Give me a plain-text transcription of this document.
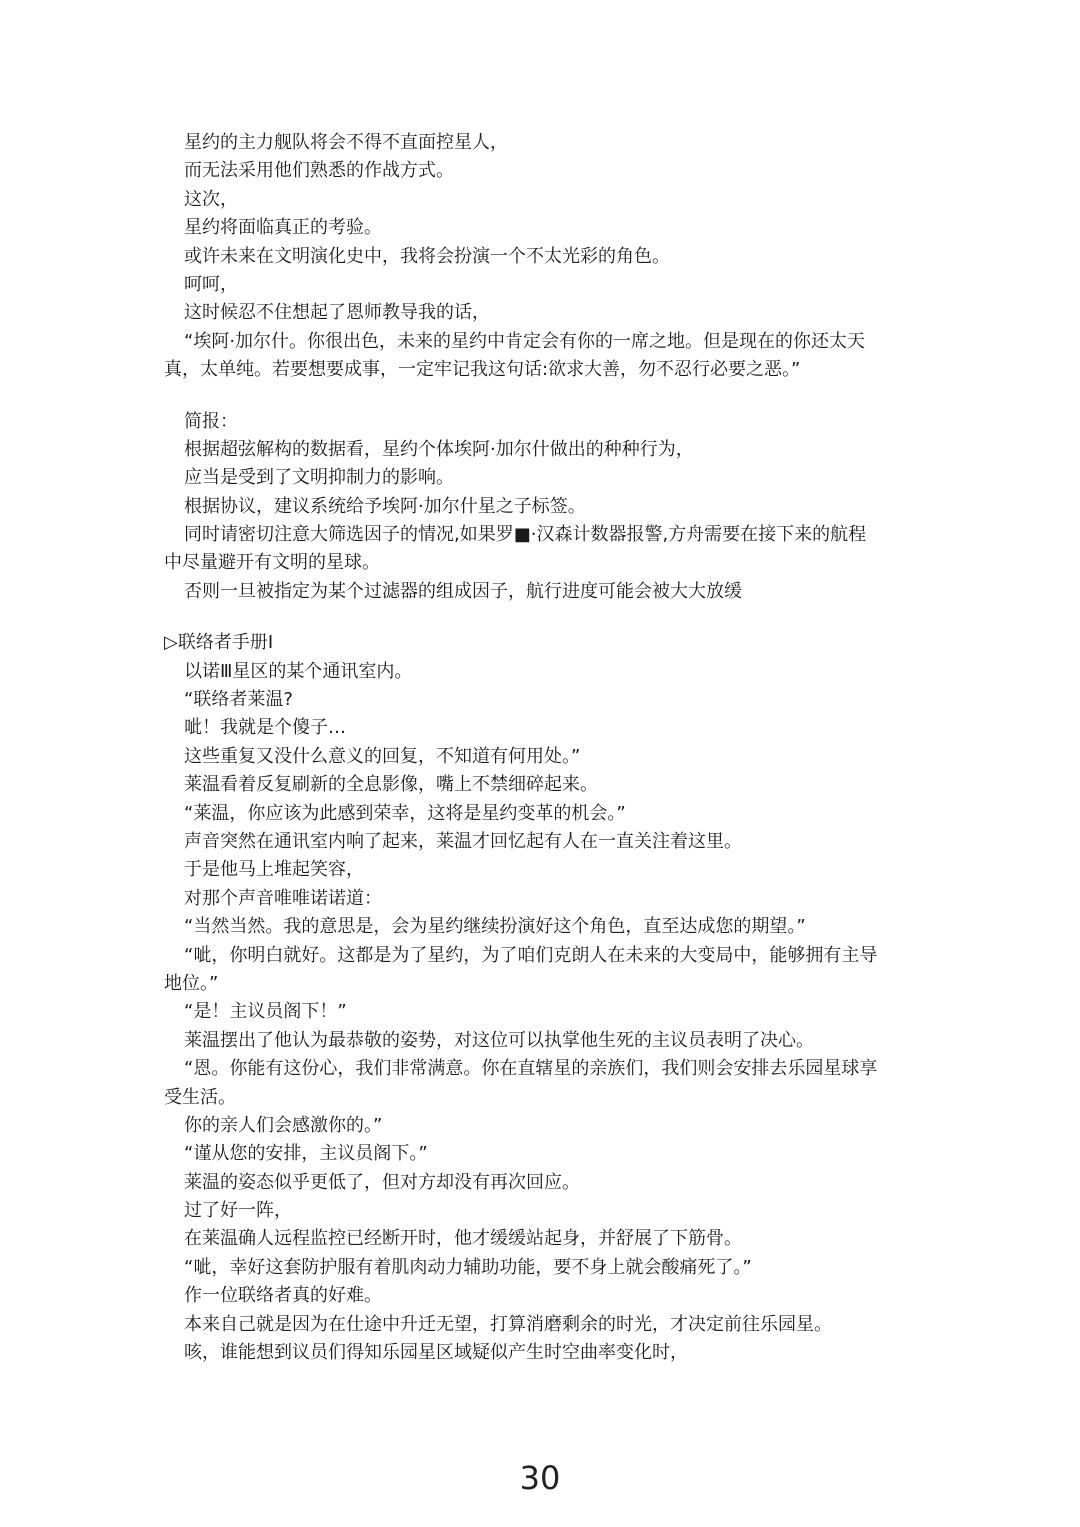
星约的主力舰队将会不得不直面控星人，
而无法采用他们熟悉的作战方式。
这次，
星约将面临真正的考验。
或许未来在文明演化史中，我将会扮演一个不太光彩的角色。
呵呵，
这时候忍不住想起了恩师教导我的话，
“埃阿·加尔什。你很出色，未来的星约中肯定会有你的一席之地。但是现在的你还太天
真，太单纯。若要想要成事，一定牢记我这句话:欲求大善，勿不忍行必要之恶。”
简报：
根据超弦解构的数据看，星约个体埃阿·加尔什做出的种种行为，
应当是受到了文明抑制力的影响。
根据协议，建议系统给予埃阿·加尔什星之子标签。
同时请密切注意大筛选因子的情况,如果罗■·汉森计数器报警,方舟需要在接下来的航程
中尽量避开有文明的星球。
否则一旦被指定为某个过滤器的组成因子，航行进度可能会被大大放缓
▷联络者手册Ⅰ
以诺Ⅲ星区的某个通讯室内。
“联络者莱温?
呲！我就是个傻子…
这些重复又没什么意义的回复，不知道有何用处。”
莱温看着反复刷新的全息影像，嘴上不禁细碎起来。
“莱温，你应该为此感到荣幸，这将是星约变革的机会。”
声音突然在通讯室内响了起来，莱温才回忆起有人在一直关注着这里。
于是他马上堆起笑容，
对那个声音唯唯诺诺道：
“当然当然。我的意思是，会为星约继续扮演好这个角色，直至达成您的期望。”
“呲，你明白就好。这都是为了星约，为了咱们克朗人在未来的大变局中，能够拥有主导
地位。”
“是！主议员阁下！”
莱温摆出了他认为最恭敬的姿势，对这位可以执掌他生死的主议员表明了决心。
“恩。你能有这份心，我们非常满意。你在直辖星的亲族们，我们则会安排去乐园星球享
受生活。
你的亲人们会感激你的。”
“谨从您的安排，主议员阁下。”
莱温的姿态似乎更低了，但对方却没有再次回应。
过了好一阵，
在莱温确人远程监控已经断开时，他才缓缓站起身，并舒展了下筋骨。
“呲，幸好这套防护服有着肌肉动力辅助功能，要不身上就会酸痛死了。”
作一位联络者真的好难。
本来自己就是因为在仕途中升迁无望，打算消磨剩余的时光，才决定前往乐园星。
咳，谁能想到议员们得知乐园星区域疑似产生时空曲率变化时，
30
